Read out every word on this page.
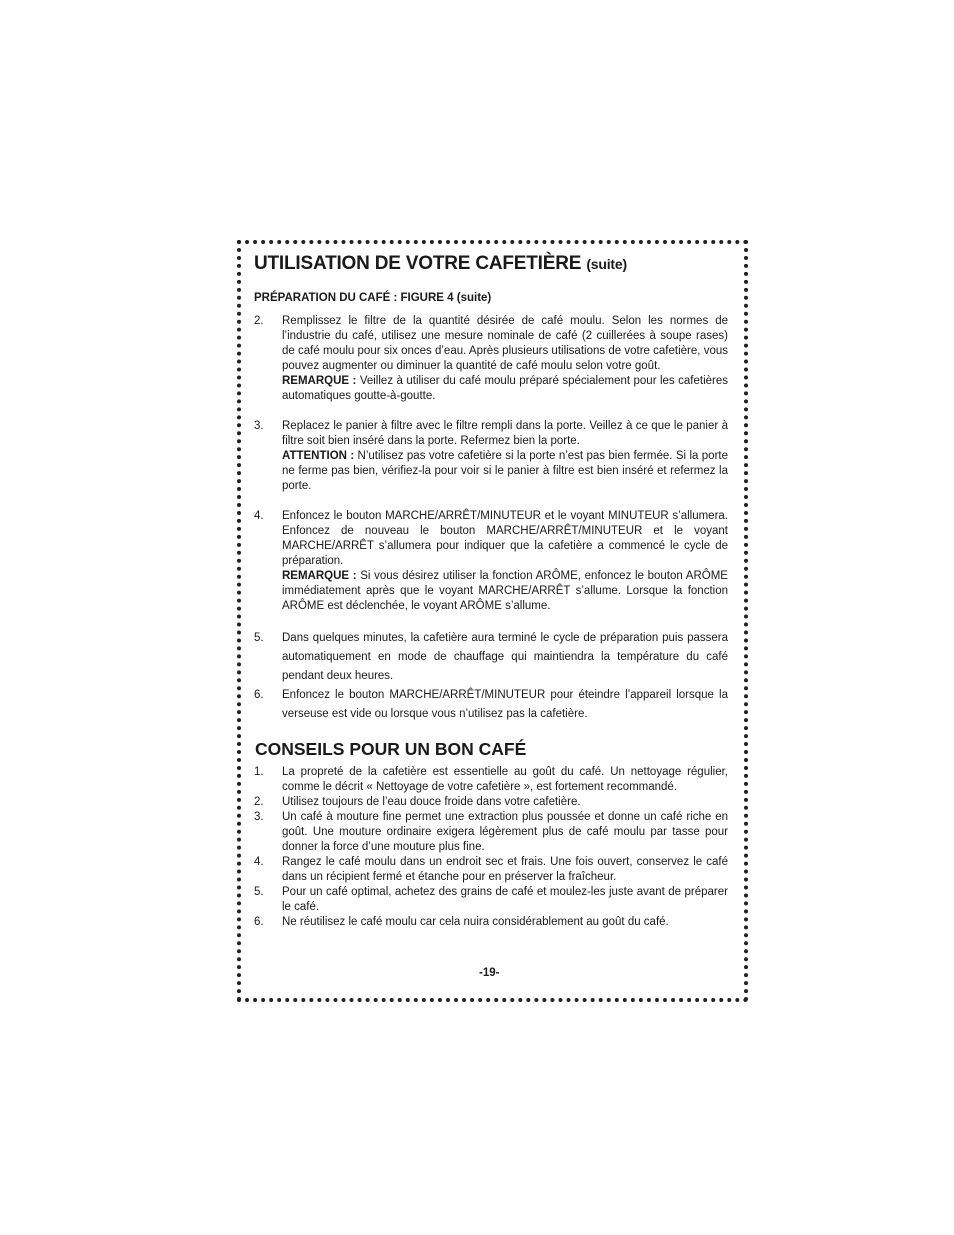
UTILISATION DE VOTRE CAFETIÈRE (suite)
PRÉPARATION DU CAFÉ : FIGURE 4 (suite)
2. Remplissez le filtre de la quantité désirée de café moulu. Selon les normes de l’industrie du café, utilisez une mesure nominale de café (2 cuillerées à soupe rases) de café moulu pour six onces d’eau. Après plusieurs utilisations de votre cafetière, vous pouvez augmenter ou diminuer la quantité de café moulu selon votre goût.
REMARQUE : Veillez à utiliser du café moulu préparé spécialement pour les cafetières automatiques goutte-à-goutte.
3. Replacez le panier à filtre avec le filtre rempli dans la porte. Veillez à ce que le panier à filtre soit bien inséré dans la porte. Refermez bien la porte.
ATTENTION : N’utilisez pas votre cafetière si la porte n’est pas bien fermée. Si la porte ne ferme pas bien, vérifiez-la pour voir si le panier à filtre est bien inséré et refermez la porte.
4. Enfoncez le bouton MARCHE/ARRÊT/MINUTEUR et le voyant MINUTEUR s’allumera. Enfoncez de nouveau le bouton MARCHE/ARRÊT/MINUTEUR et le voyant MARCHE/ARRÊT s’allumera pour indiquer que la cafetière a commencé le cycle de préparation.
REMARQUE : Si vous désirez utiliser la fonction ARÔME, enfoncez le bouton ARÔME immédiatement après que le voyant MARCHE/ARRÊT s’allume. Lorsque la fonction ARÔME est déclenchée, le voyant ARÔME s’allume.
5. Dans quelques minutes, la cafetière aura terminé le cycle de préparation puis passera automatiquement en mode de chauffage qui maintiendra la température du café pendant deux heures.
6. Enfoncez le bouton MARCHE/ARRÊT/MINUTEUR pour éteindre l’appareil lorsque la verseuse est vide ou lorsque vous n’utilisez pas la cafetière.
CONSEILS POUR UN BON CAFÉ
1. La propreté de la cafetière est essentielle au goût du café. Un nettoyage régulier, comme le décrit « Nettoyage de votre cafetière », est fortement recommandé.
2. Utilisez toujours de l’eau douce froide dans votre cafetière.
3. Un café à mouture fine permet une extraction plus poussée et donne un café riche en goût. Une mouture ordinaire exigera légèrement plus de café moulu par tasse pour donner la force d’une mouture plus fine.
4. Rangez le café moulu dans un endroit sec et frais. Une fois ouvert, conservez le café dans un récipient fermé et étanche pour en préserver la fraîcheur.
5. Pour un café optimal, achetez des grains de café et moulez-les juste avant de préparer le café.
6. Ne réutilisez le café moulu car cela nuira considérablement au goût du café.
-19-
